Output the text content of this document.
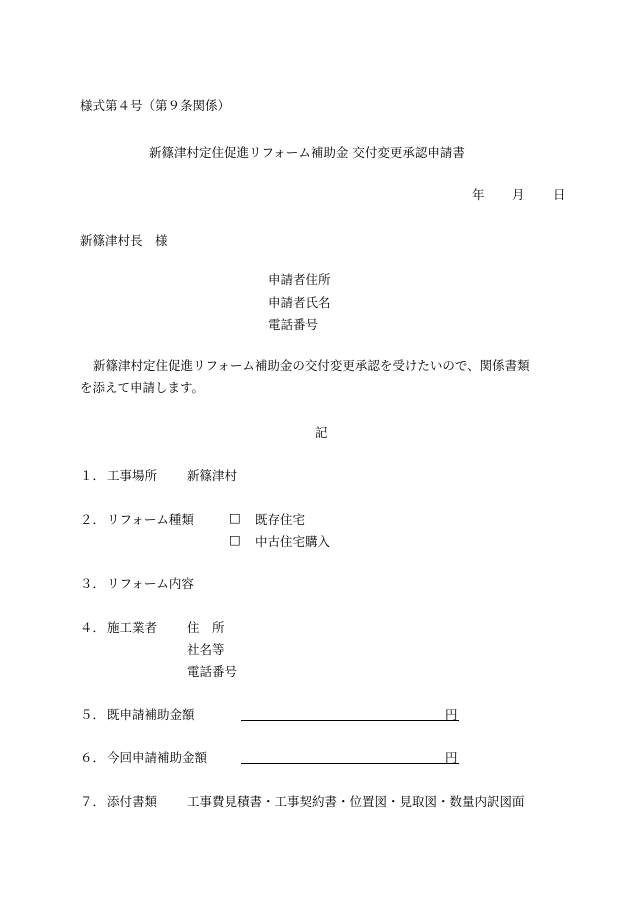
様式第４号（第９条関係）
新篠津村定住促進リフォーム補助金 交付変更承認申請書
年 月 日
新篠津村長　様
申請者住所
申請者氏名
電話番号
新篠津村定住促進リフォーム補助金の交付変更承認を受けたいので、関係書類
を添えて申請します。
記
１． 工事場所 新篠津村
２． リフォーム種類	□ 既存住宅
□ 中古住宅購入
３． リフォーム内容
４． 施工業者 住　所
社名等
電話番号
５． 既申請補助金額	円
６． 今回申請補助金額	円
７． 添付書類 工事費見積書・工事契約書・位置図・見取図・数量内訳図面
